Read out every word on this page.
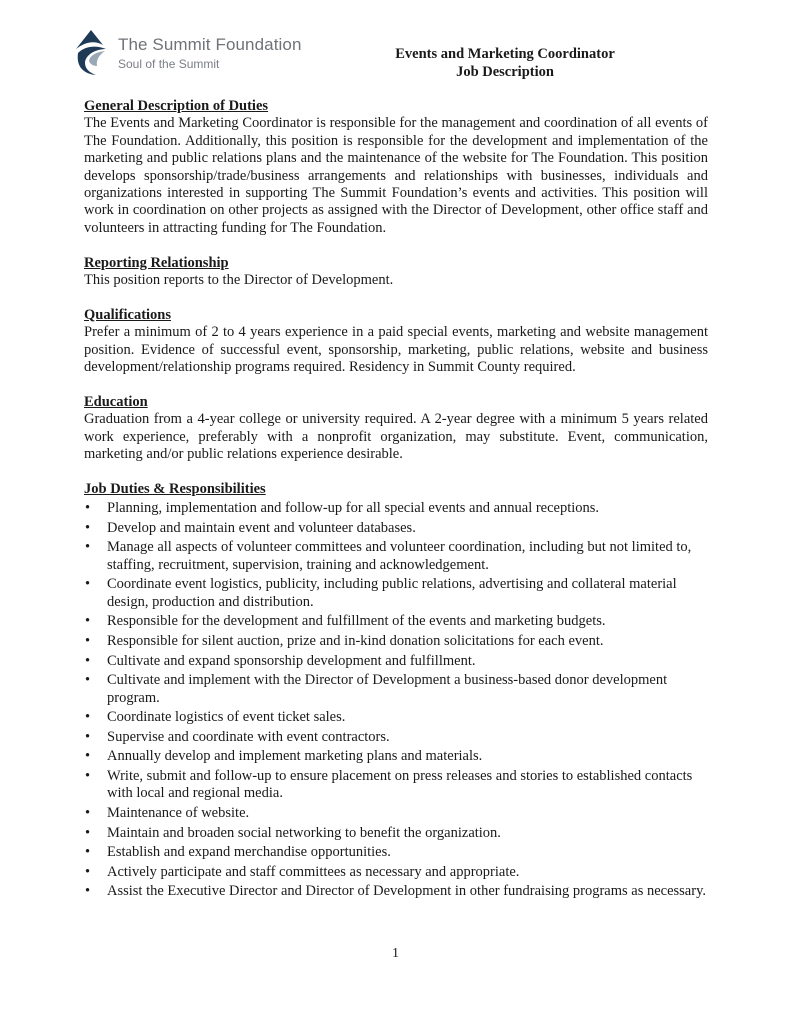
The Summit Foundation
Soul of the Summit
Events and Marketing Coordinator
Job Description

General Description of Duties

The Events and Marketing Coordinator is responsible for the management and coordination of all events of The Foundation. Additionally, this position is responsible for the development and implementation of the marketing and public relations plans and the maintenance of the website for The Foundation. This position develops sponsorship/trade/business arrangements and relationships with businesses, individuals and organizations interested in supporting The Summit Foundation’s events and activities. This position will work in coordination on other projects as assigned with the Director of Development, other office staff and volunteers in attracting funding for The Foundation.

Reporting Relationship

This position reports to the Director of Development.

Qualifications

Prefer a minimum of 2 to 4 years experience in a paid special events, marketing and website management position. Evidence of successful event, sponsorship, marketing, public relations, website and business development/relationship programs required. Residency in Summit County required.

Education

Graduation from a 4-year college or university required. A 2-year degree with a minimum 5 years related work experience, preferably with a nonprofit organization, may substitute. Event, communication, marketing and/or public relations experience desirable.

Job Duties & Responsibilities

• Planning, implementation and follow-up for all special events and annual receptions.
• Develop and maintain event and volunteer databases.
• Manage all aspects of volunteer committees and volunteer coordination, including but not limited to, staffing, recruitment, supervision, training and acknowledgement.
• Coordinate event logistics, publicity, including public relations, advertising and collateral material design, production and distribution.
• Responsible for the development and fulfillment of the events and marketing budgets.
• Responsible for silent auction, prize and in-kind donation solicitations for each event.
• Cultivate and expand sponsorship development and fulfillment.
• Cultivate and implement with the Director of Development a business-based donor development program.
• Coordinate logistics of event ticket sales.
• Supervise and coordinate with event contractors.
• Annually develop and implement marketing plans and materials.
• Write, submit and follow-up to ensure placement on press releases and stories to established contacts with local and regional media.
• Maintenance of website.
• Maintain and broaden social networking to benefit the organization.
• Establish and expand merchandise opportunities.
• Actively participate and staff committees as necessary and appropriate.
• Assist the Executive Director and Director of Development in other fundraising programs as necessary.
1
